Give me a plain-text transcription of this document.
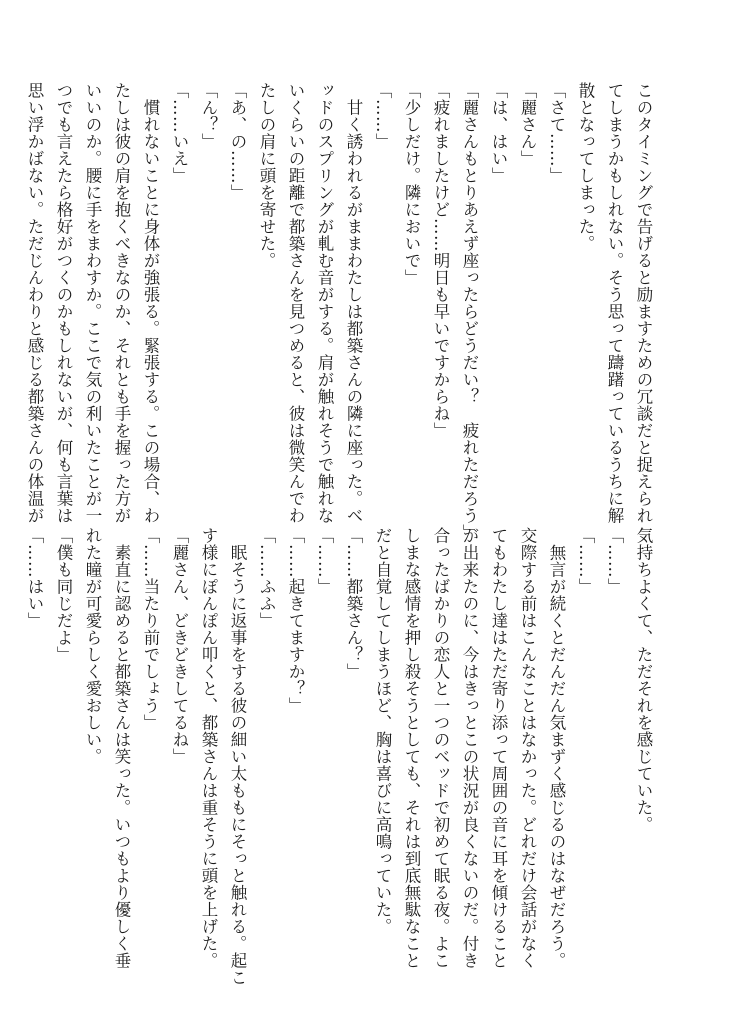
このタイミングで告げると励ますための冗談だと捉えられ
てしまうかもしれない。そう思って躊躇っているうちに解
散となってしまった。
「さて……」
「麗さん」
「は、はい」
「麗さんもとりあえず座ったらどうだい？　疲れただろう」
「疲れましたけど……明日も早いですからね」
「少しだけ。隣においで」
「……」
　甘く誘われるがままわたしは都築さんの隣に座った。ベ
ッドのスプリングが軋む音がする。肩が触れそうで触れな
いくらいの距離で都築さんを見つめると、彼は微笑んでわ
たしの肩に頭を寄せた。
「あ、の……」
「ん？」
「……いえ」
　慣れないことに身体が強張る。緊張する。この場合、わ
たしは彼の肩を抱くべきなのか、それとも手を握った方が
いいのか。腰に手をまわすか。ここで気の利いたことが一
つでも言えたら格好がつくのかもしれないが、何も言葉は
思い浮かばない。ただじんわりと感じる都築さんの体温が
気持ちよくて、ただそれを感じていた。
「……」
「……」
　無言が続くとだんだん気まずく感じるのはなぜだろう。
交際する前はこんなことはなかった。どれだけ会話がなく
てもわたし達はただ寄り添って周囲の音に耳を傾けること
が出来たのに、今はきっとこの状況が良くないのだ。付き
合ったばかりの恋人と一つのベッドで初めて眠る夜。よこ
しまな感情を押し殺そうとしても、それは到底無駄なこと
だと自覚してしまうほど、胸は喜びに高鳴っていた。
「……都築さん？」
「……」
「……起きてますか？」
「……ふふ」
　眠そうに返事をする彼の細い太ももにそっと触れる。起こ
す様にぽんぽん叩くと、都築さんは重そうに頭を上げた。
「麗さん、どきどきしてるね」
「……当たり前でしょう」
　素直に認めると都築さんは笑った。いつもより優しく垂
れた瞳が可愛らしく愛おしい。
「僕も同じだよ」
「……はい」
